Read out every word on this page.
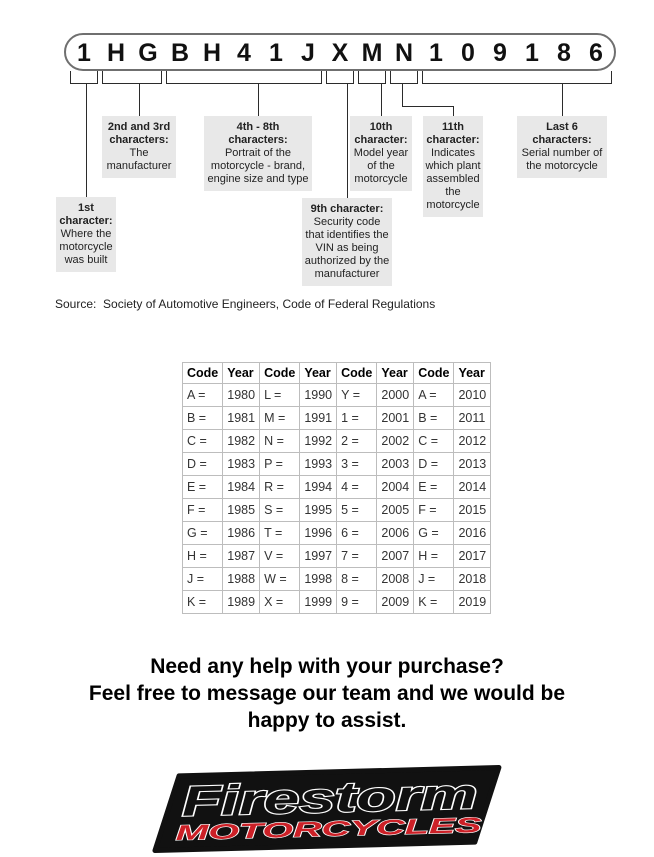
1 H G B H 4 1 J X M N 1 0 9 1 8 6
1st character:
Where the motorcycle was built
2nd and 3rd characters:
The manufacturer
4th - 8th characters:
Portrait of the motorcycle - brand, engine size and type
9th character:
Security code that identifies the VIN as being authorized by the manufacturer
10th character:
Model year of the motorcycle
11th character:
Indicates which plant assembled the motorcycle
Last 6 characters:
Serial number of the motorcycle
Source:  Society of Automotive Engineers, Code of Federal Regulations
Code	Year	Code	Year	Code	Year	Code	Year
A =	1980	L =	1990	Y =	2000	A =	2010
B =	1981	M =	1991	1 =	2001	B =	2011
C =	1982	N =	1992	2 =	2002	C =	2012
D =	1983	P =	1993	3 =	2003	D =	2013
E =	1984	R =	1994	4 =	2004	E =	2014
F =	1985	S =	1995	5 =	2005	F =	2015
G =	1986	T =	1996	6 =	2006	G =	2016
H =	1987	V =	1997	7 =	2007	H =	2017
J =	1988	W =	1998	8 =	2008	J =	2018
K =	1989	X =	1999	9 =	2009	K =	2019
Need any help with your purchase?
Feel free to message our team and we would be happy to assist.
Firestorm
MOTORCYCLES
